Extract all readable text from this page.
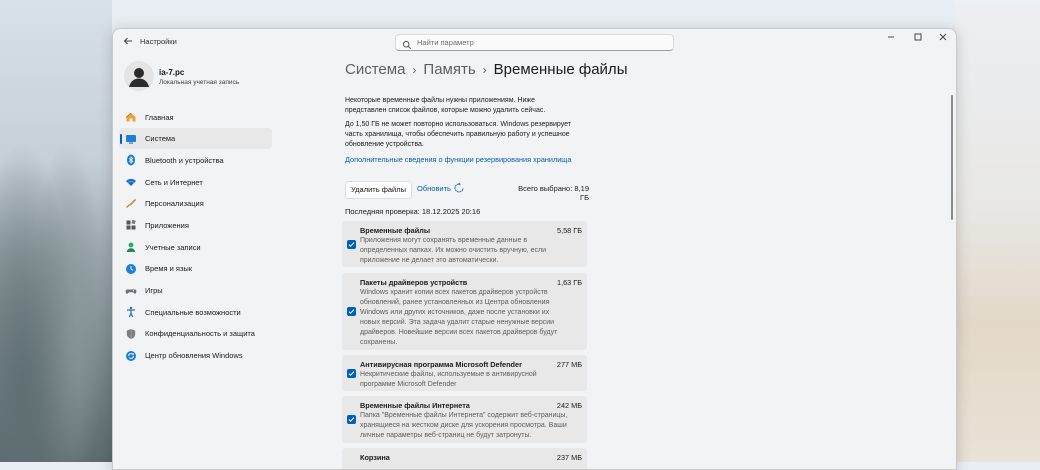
Настройки	Найти параметр
ia-7.pc
Локальная учетная запись
Главная
Система
Bluetooth и устройства
Сеть и Интернет
Персонализация
Приложения
Учетные записи
Время и язык
Игры
Специальные возможности
Конфиденциальность и защита
Центр обновления Windows
Система › Память › Временные файлы
Некоторые временные файлы нужны приложениям. Ниже
представлен список файлов, которые можно удалить сейчас.
До 1,50 ГБ не может повторно использоваться. Windows резервирует
часть хранилища, чтобы обеспечить правильную работу и успешное
обновление устройства.
Дополнительные сведения о функции резервирования хранилища
Удалить файлы	Обновить	Всего выбрано: 8,19 ГБ
Последняя проверка: 18.12.2025 20:16
Временные файлы	5,58 ГБ
Приложения могут сохранять временные данные в
определенных папках. Их можно очистить вручную, если
приложение не делает это автоматически.
Пакеты драйверов устройств	1,63 ГБ
Windows хранит копии всех пакетов драйверов устройств
обновлений, ранее установленных из Центра обновления
Windows или других источников, даже после установки их
новых версий. Эта задача удалит старые ненужные версии
драйверов. Новейшие версии всех пакетов драйверов будут
сохранены.
Антивирусная программа Microsoft Defender	277 МБ
Некритические файлы, используемые в антивирусной
программе Microsoft Defender
Временные файлы Интернета	242 МБ
Папка "Временные файлы Интернета" содержит веб-страницы,
хранящиеся на жестком диске для ускорения просмотра. Ваши
личные параметры веб-страниц не будут затронуты.
Корзина	237 МБ
